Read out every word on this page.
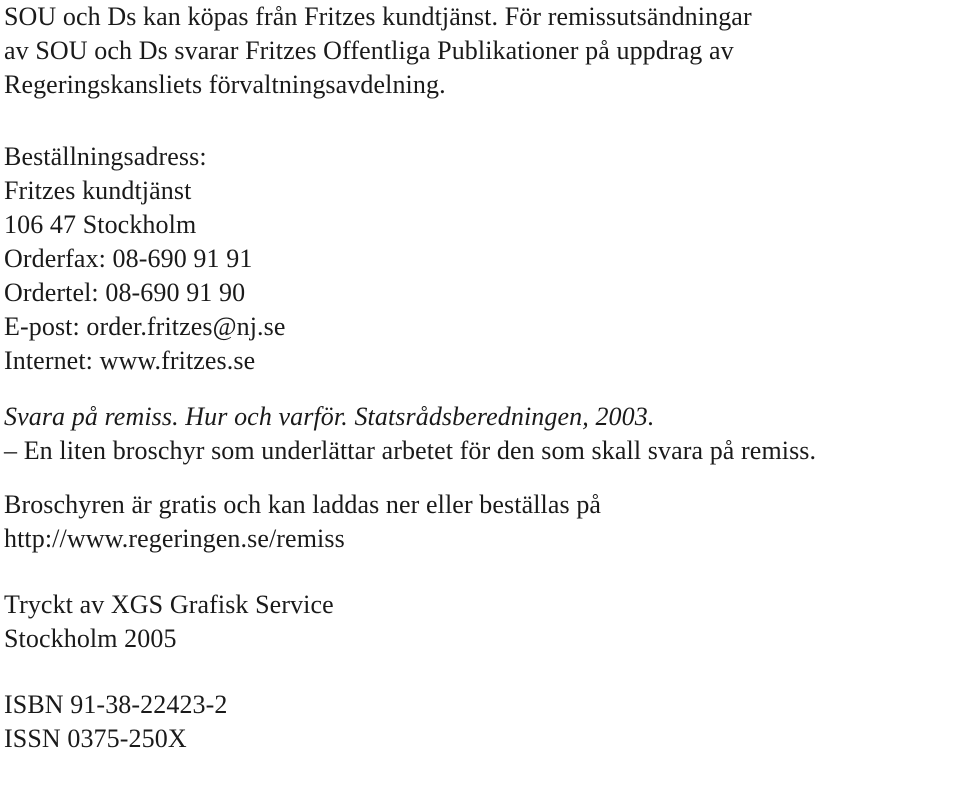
SOU och Ds kan köpas från Fritzes kundtjänst. För remissutsändningar
av SOU och Ds svarar Fritzes Offentliga Publikationer på uppdrag av
Regeringskansliets förvaltningsavdelning.
Beställningsadress:
Fritzes kundtjänst
106 47 Stockholm
Orderfax: 08-690 91 91
Ordertel: 08-690 91 90
E-post: order.fritzes@nj.se
Internet: www.fritzes.se
Svara på remiss. Hur och varför. Statsrådsberedningen, 2003.
– En liten broschyr som underlättar arbetet för den som skall svara på remiss.
Broschyren är gratis och kan laddas ner eller beställas på
http://www.regeringen.se/remiss
Tryckt av XGS Grafisk Service
Stockholm 2005
ISBN 91-38-22423-2
ISSN 0375-250X
